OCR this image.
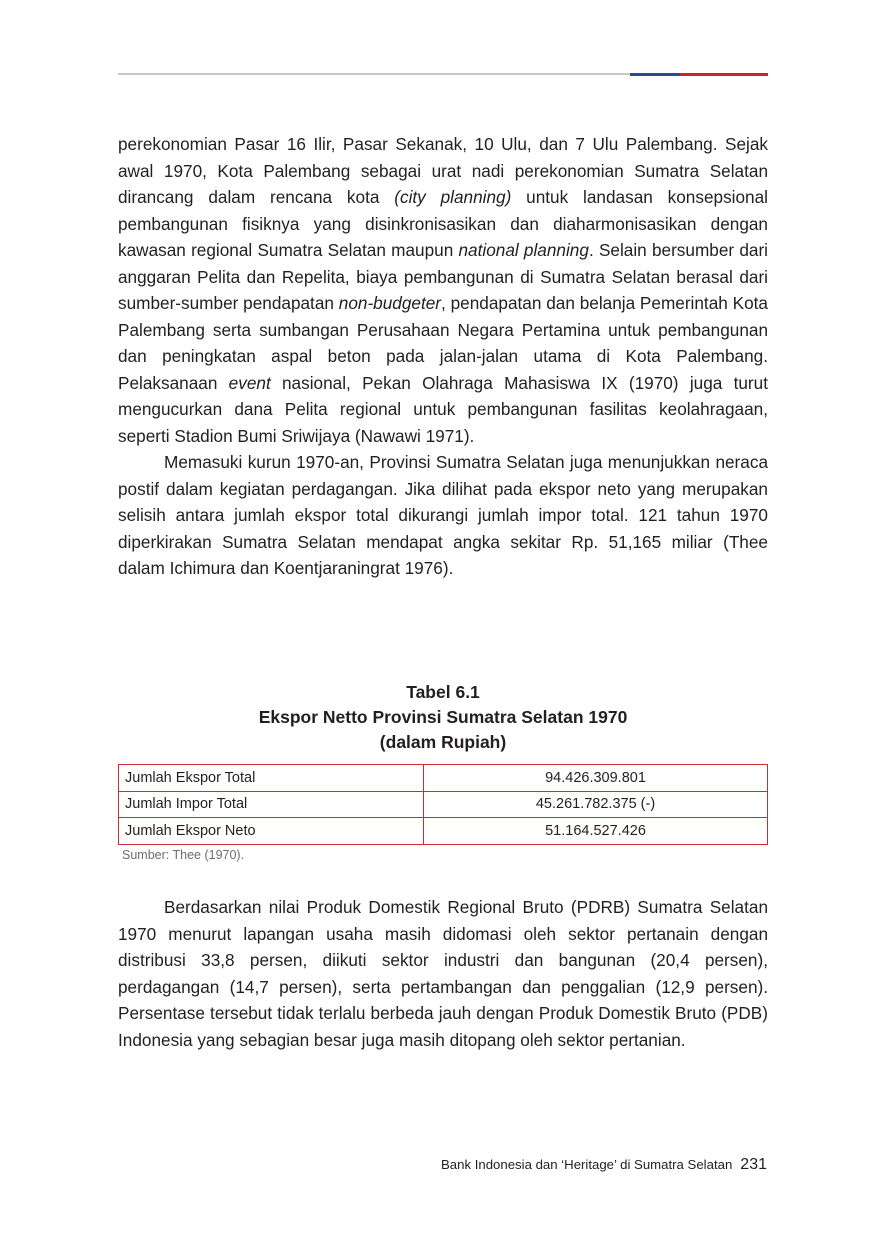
perekonomian Pasar 16 Ilir, Pasar Sekanak, 10 Ulu, dan 7 Ulu Palembang. Sejak awal 1970, Kota Palembang sebagai urat nadi perekonomian Sumatra Selatan dirancang dalam rencana kota (city planning) untuk landasan konsepsional pembangunan fisiknya yang disinkronisasikan dan diaharmonisasikan dengan kawasan regional Sumatra Selatan maupun national planning. Selain bersumber dari anggaran Pelita dan Repelita, biaya pembangunan di Sumatra Selatan berasal dari sumber-sumber pendapatan non-budgeter, pendapatan dan belanja Pemerintah Kota Palembang serta sumbangan Perusahaan Negara Pertamina untuk pembangunan dan peningkatan aspal beton pada jalan-jalan utama di Kota Palembang. Pelaksanaan event nasional, Pekan Olahraga Mahasiswa IX (1970) juga turut mengucurkan dana Pelita regional untuk pembangunan fasilitas keolahragaan, seperti Stadion Bumi Sriwijaya (Nawawi 1971).

Memasuki kurun 1970-an, Provinsi Sumatra Selatan juga menunjukkan neraca postif dalam kegiatan perdagangan. Jika dilihat pada ekspor neto yang merupakan selisih antara jumlah ekspor total dikurangi jumlah impor total. 121 tahun 1970 diperkirakan Sumatra Selatan mendapat angka sekitar Rp. 51,165 miliar (Thee dalam Ichimura dan Koentjaraningrat 1976).

Tabel 6.1
Ekspor Netto Provinsi Sumatra Selatan 1970
(dalam Rupiah)
Jumlah Ekspor Total	94.426.309.801
Jumlah Impor Total	45.261.782.375 (-)
Jumlah Ekspor Neto	51.164.527.426
Sumber: Thee (1970).

Berdasarkan nilai Produk Domestik Regional Bruto (PDRB) Sumatra Selatan 1970 menurut lapangan usaha masih didomasi oleh sektor pertanain dengan distribusi 33,8 persen, diikuti sektor industri dan bangunan (20,4 persen), perdagangan (14,7 persen), serta pertambangan dan penggalian (12,9 persen). Persentase tersebut tidak terlalu berbeda jauh dengan Produk Domestik Bruto (PDB) Indonesia yang sebagian besar juga masih ditopang oleh sektor pertanian.

Bank Indonesia dan ‘Heritage’ di Sumatra Selatan 231
